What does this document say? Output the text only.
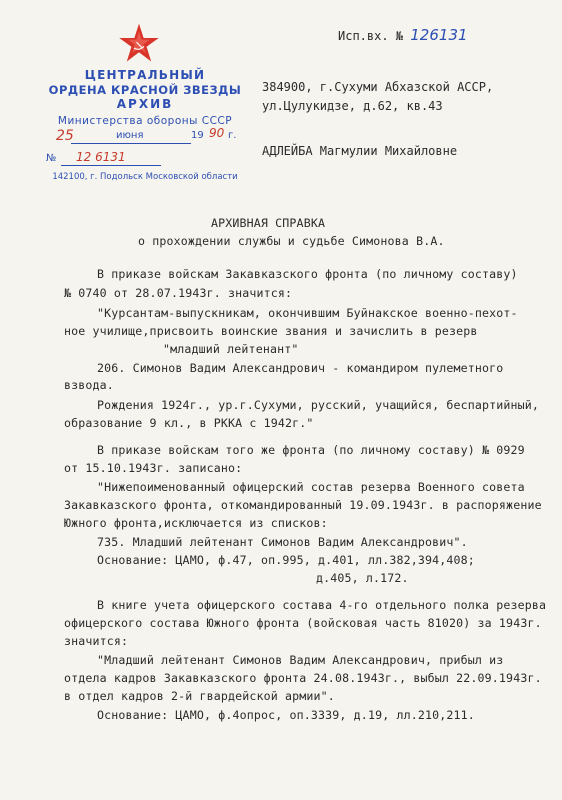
ЦЕНТРАЛЬНЫЙ
ОРДЕНА КРАСНОЙ ЗВЕЗДЫ
АРХИВ
Министерства обороны СССР
25	июня	19 90 г.
№ 12 6131
142100, г. Подольск Московской области
Исп.вх. № 126131
384900, г.Сухуми Абхазской АССР,
ул.Цулукидзе, д.62, кв.43
АДЛЕЙБА Магмулии Михайловне
АРХИВНАЯ СПРАВКА
о прохождении службы и судьбе Симонова В.А.
В приказе войскам Закавказского фронта (по личному составу)
№ 0740 от 28.07.1943г. значится:
"Курсантам-выпускникам, окончившим Буйнакское военно-пехот-
ное училище,присвоить воинские звания и зачислить в резерв
"младший лейтенант"
206. Симонов Вадим Александрович - командиром пулеметного
взвода.
Рождения 1924г., ур.г.Сухуми, русский, учащийся, беспартийный,
образование 9 кл., в РККА с 1942г."
В приказе войскам того же фронта (по личному составу) № 0929
от 15.10.1943г. записано:
"Нижепоименованный офицерский состав резерва Военного совета
Закавказского фронта, откомандированный 19.09.1943г. в распоряжение
Южного фронта,исключается из списков:
735. Младший лейтенант Симонов Вадим Александрович".
Основание: ЦАМО, ф.47, оп.995, д.401, лл.382,394,408;
д.405, л.172.
В книге учета офицерского состава 4-го отдельного полка резерва
офицерского состава Южного фронта (войсковая часть 81020) за 1943г.
значится:
"Младший лейтенант Симонов Вадим Александрович, прибыл из
отдела кадров Закавказского фронта 24.08.1943г., выбыл 22.09.1943г.
в отдел кадров 2-й гвардейской армии".
Основание: ЦАМО, ф.4опрос, оп.3339, д.19, лл.210,211.
